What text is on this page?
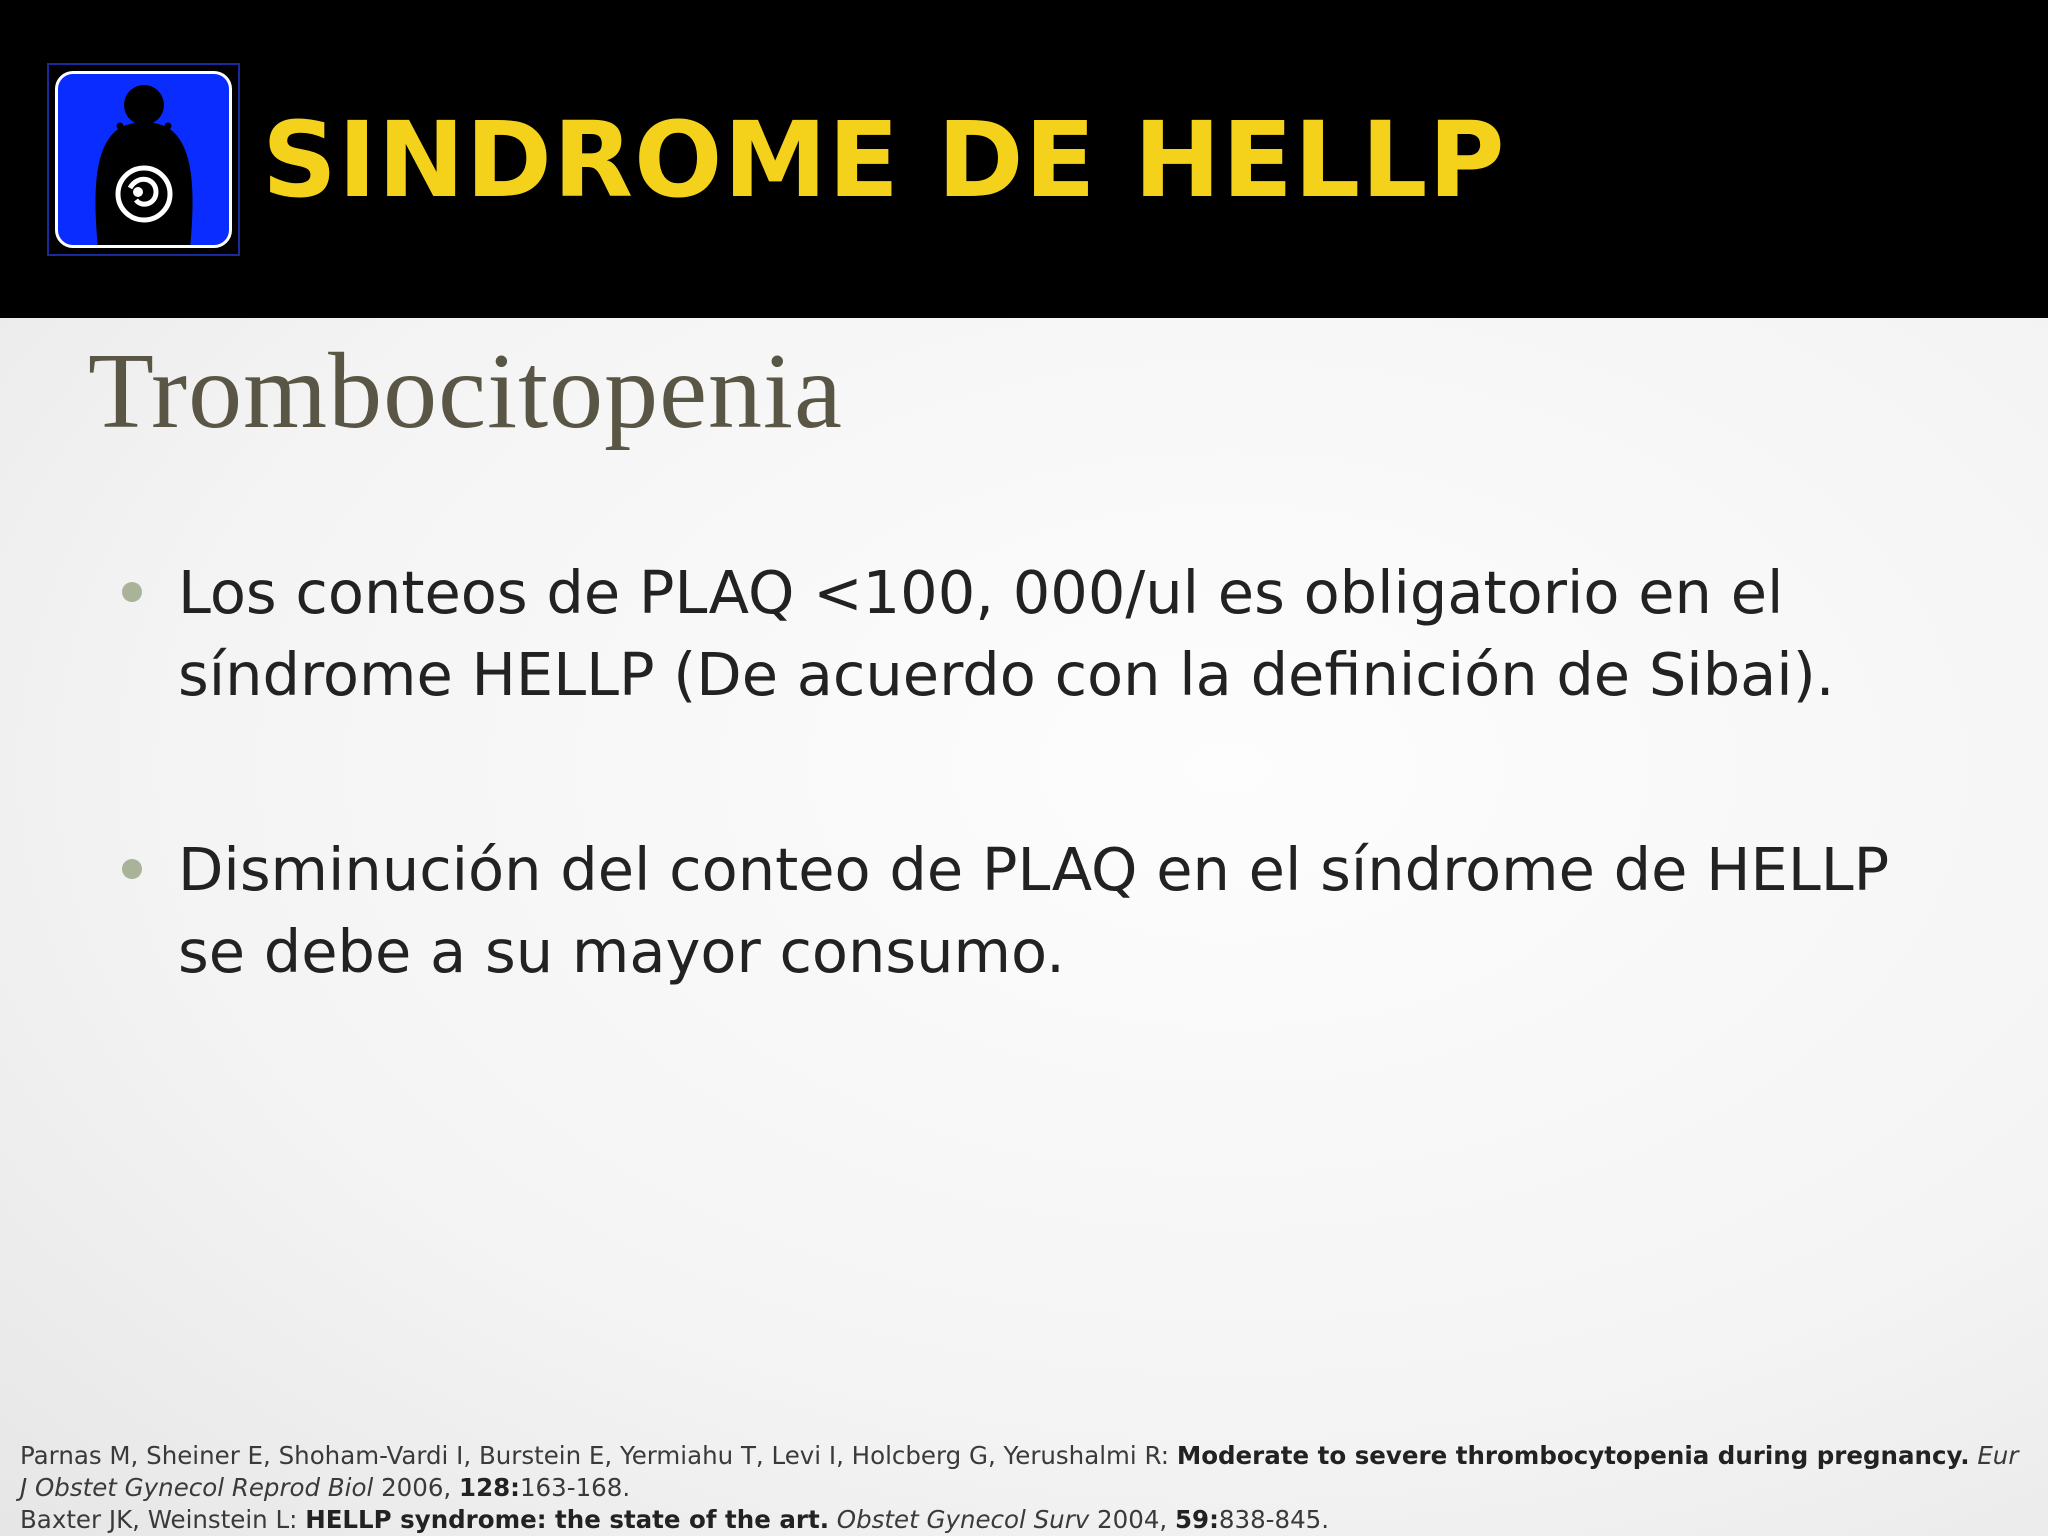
SINDROME DE HELLP
Trombocitopenia
Los conteos de PLAQ <100, 000/ul es obligatorio en el síndrome HELLP (De acuerdo con la definición de Sibai).
Disminución del conteo de PLAQ en el síndrome de HELLP se debe a su mayor consumo.
Parnas M, Sheiner E, Shoham-Vardi I, Burstein E, Yermiahu T, Levi I, Holcberg G, Yerushalmi R: Moderate to severe thrombocytopenia during pregnancy. Eur J Obstet Gynecol Reprod Biol 2006, 128:163-168.
Baxter JK, Weinstein L: HELLP syndrome: the state of the art. Obstet Gynecol Surv 2004, 59:838-845.
